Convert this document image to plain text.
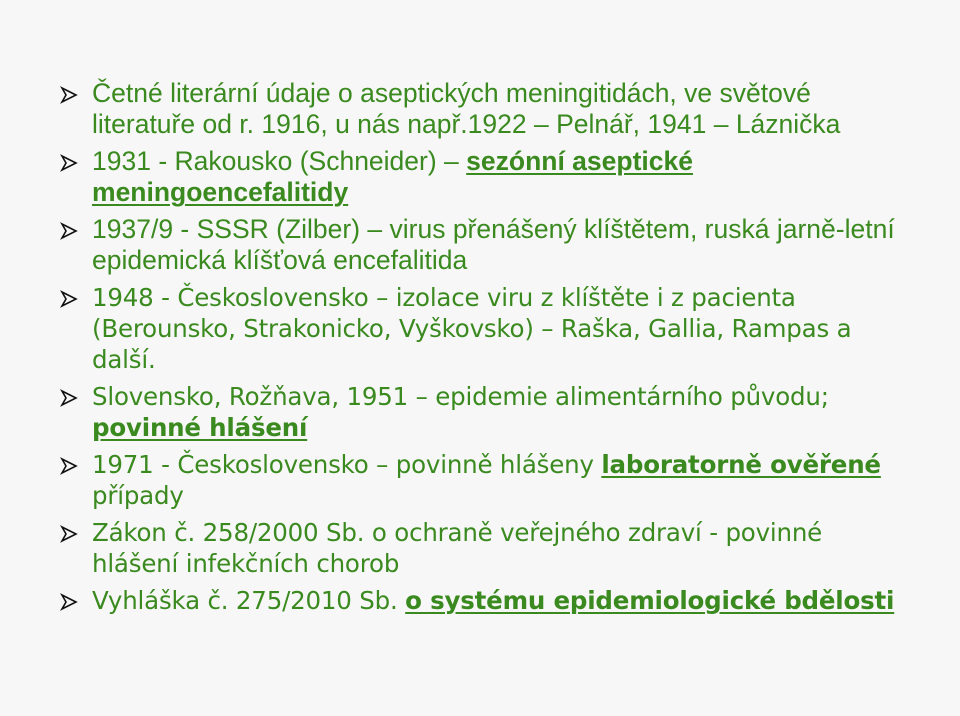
Četné literární údaje o aseptických meningitidách, ve světové literatuře od r. 1916, u nás např.1922 – Pelnář, 1941 – Láznička
1931 - Rakousko (Schneider) – sezónní aseptické meningoencefalitidy
1937/9 - SSSR (Zilber) – virus přenášený klíštětem, ruská jarně-letní epidemická klíšťová encefalitida
1948 - Československo – izolace viru z klíštěte i z pacienta (Berounsko, Strakonicko, Vyškovsko) – Raška, Gallia, Rampas a další.
Slovensko, Rožňava, 1951 – epidemie alimentárního původu; povinné hlášení
1971 - Československo – povinně hlášeny laboratorně ověřené případy
Zákon č. 258/2000 Sb. o ochraně veřejného zdraví - povinné hlášení infekčních chorob
Vyhláška č. 275/2010 Sb. o systému epidemiologické bdělosti
